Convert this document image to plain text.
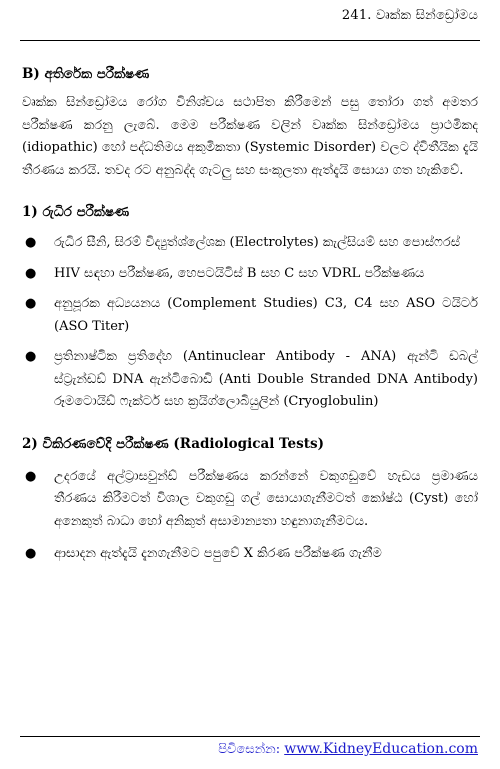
241. වෘක්ක සින්ඩ්‍රෝමය
B) අතිරේක පරීක්ෂණ

වෘක්ක සින්ඩ්‍රෝමය රෝග විනිශ්චය සථාපිත කිරීමෙන් පසු තෝරා ගත් අමතර පරීක්ෂණ කරනු ලැබේ. මෙම පරීක්ෂණ වලින් වෘක්ක සින්ඩ්‍රෝමය ප්‍රාථමිකද (idiopathic) හෝ පද්ධතිමය අකුමිකතා (Systemic Disorder) වලට ද්විතීයික දැයි තීරණය කරයි. තවද රට අනුබද්ද ගැටලු සහ සංකූලතා ඇත්දැයි සොයා ගත හැකිවේ.

1) රුධිර පරීක්ෂණ
● රුධිර සීනි, සිරම් විද්‍යුත්ශ්ලේශක (Electrolytes) කැල්සියම් සහ පොස්ෆරස්
● HIV සඳහා පරීක්ෂණ, හෙපටයිටිස් B සහ C සහ VDRL පරීක්ෂණය
● අනුපූරක අධ්‍යයනය (Complement Studies) C3, C4 සහ ASO ටයිටර් (ASO Titer)
● ප්‍රතිනාෂ්ටික ප්‍රතිදේහ (Antinuclear Antibody - ANA) ඇන්ටි ඩබල් ස්ට්‍රැන්ඩඩ් DNA ඇන්ටිබොඩි (Anti Double Stranded DNA Antibody) රූමටොයිඩ් ෆැක්ටර් සහ ක්‍රයිග්ලොබියුලින් (Cryoglobulin)
2) විකිරණවේදි පරීක්ෂණ (Radiological Tests)
● උදරයේ අල්ට්‍රාසවුන්ඩ් පරීක්ෂණය කරන්නේ වකුගඩුවේ හැඩය ප්‍රමාණය තීරණය කිරීමටත් විශාල වකුගඩු ගල් සොයාගැනීමටත් කෝෂ්ඨ (Cyst) හෝ අනෙකුත් බාධා හෝ අනිකුත් අසාමාන්‍යතා හඳුනාගැනීමටය.
● ආසාදන ඇත්දැයි දැනගැනීමට පපුවේ X කිරණ පරීක්ෂණ ගැනීම
පිවිසෙන්න: www.KidneyEducation.com
